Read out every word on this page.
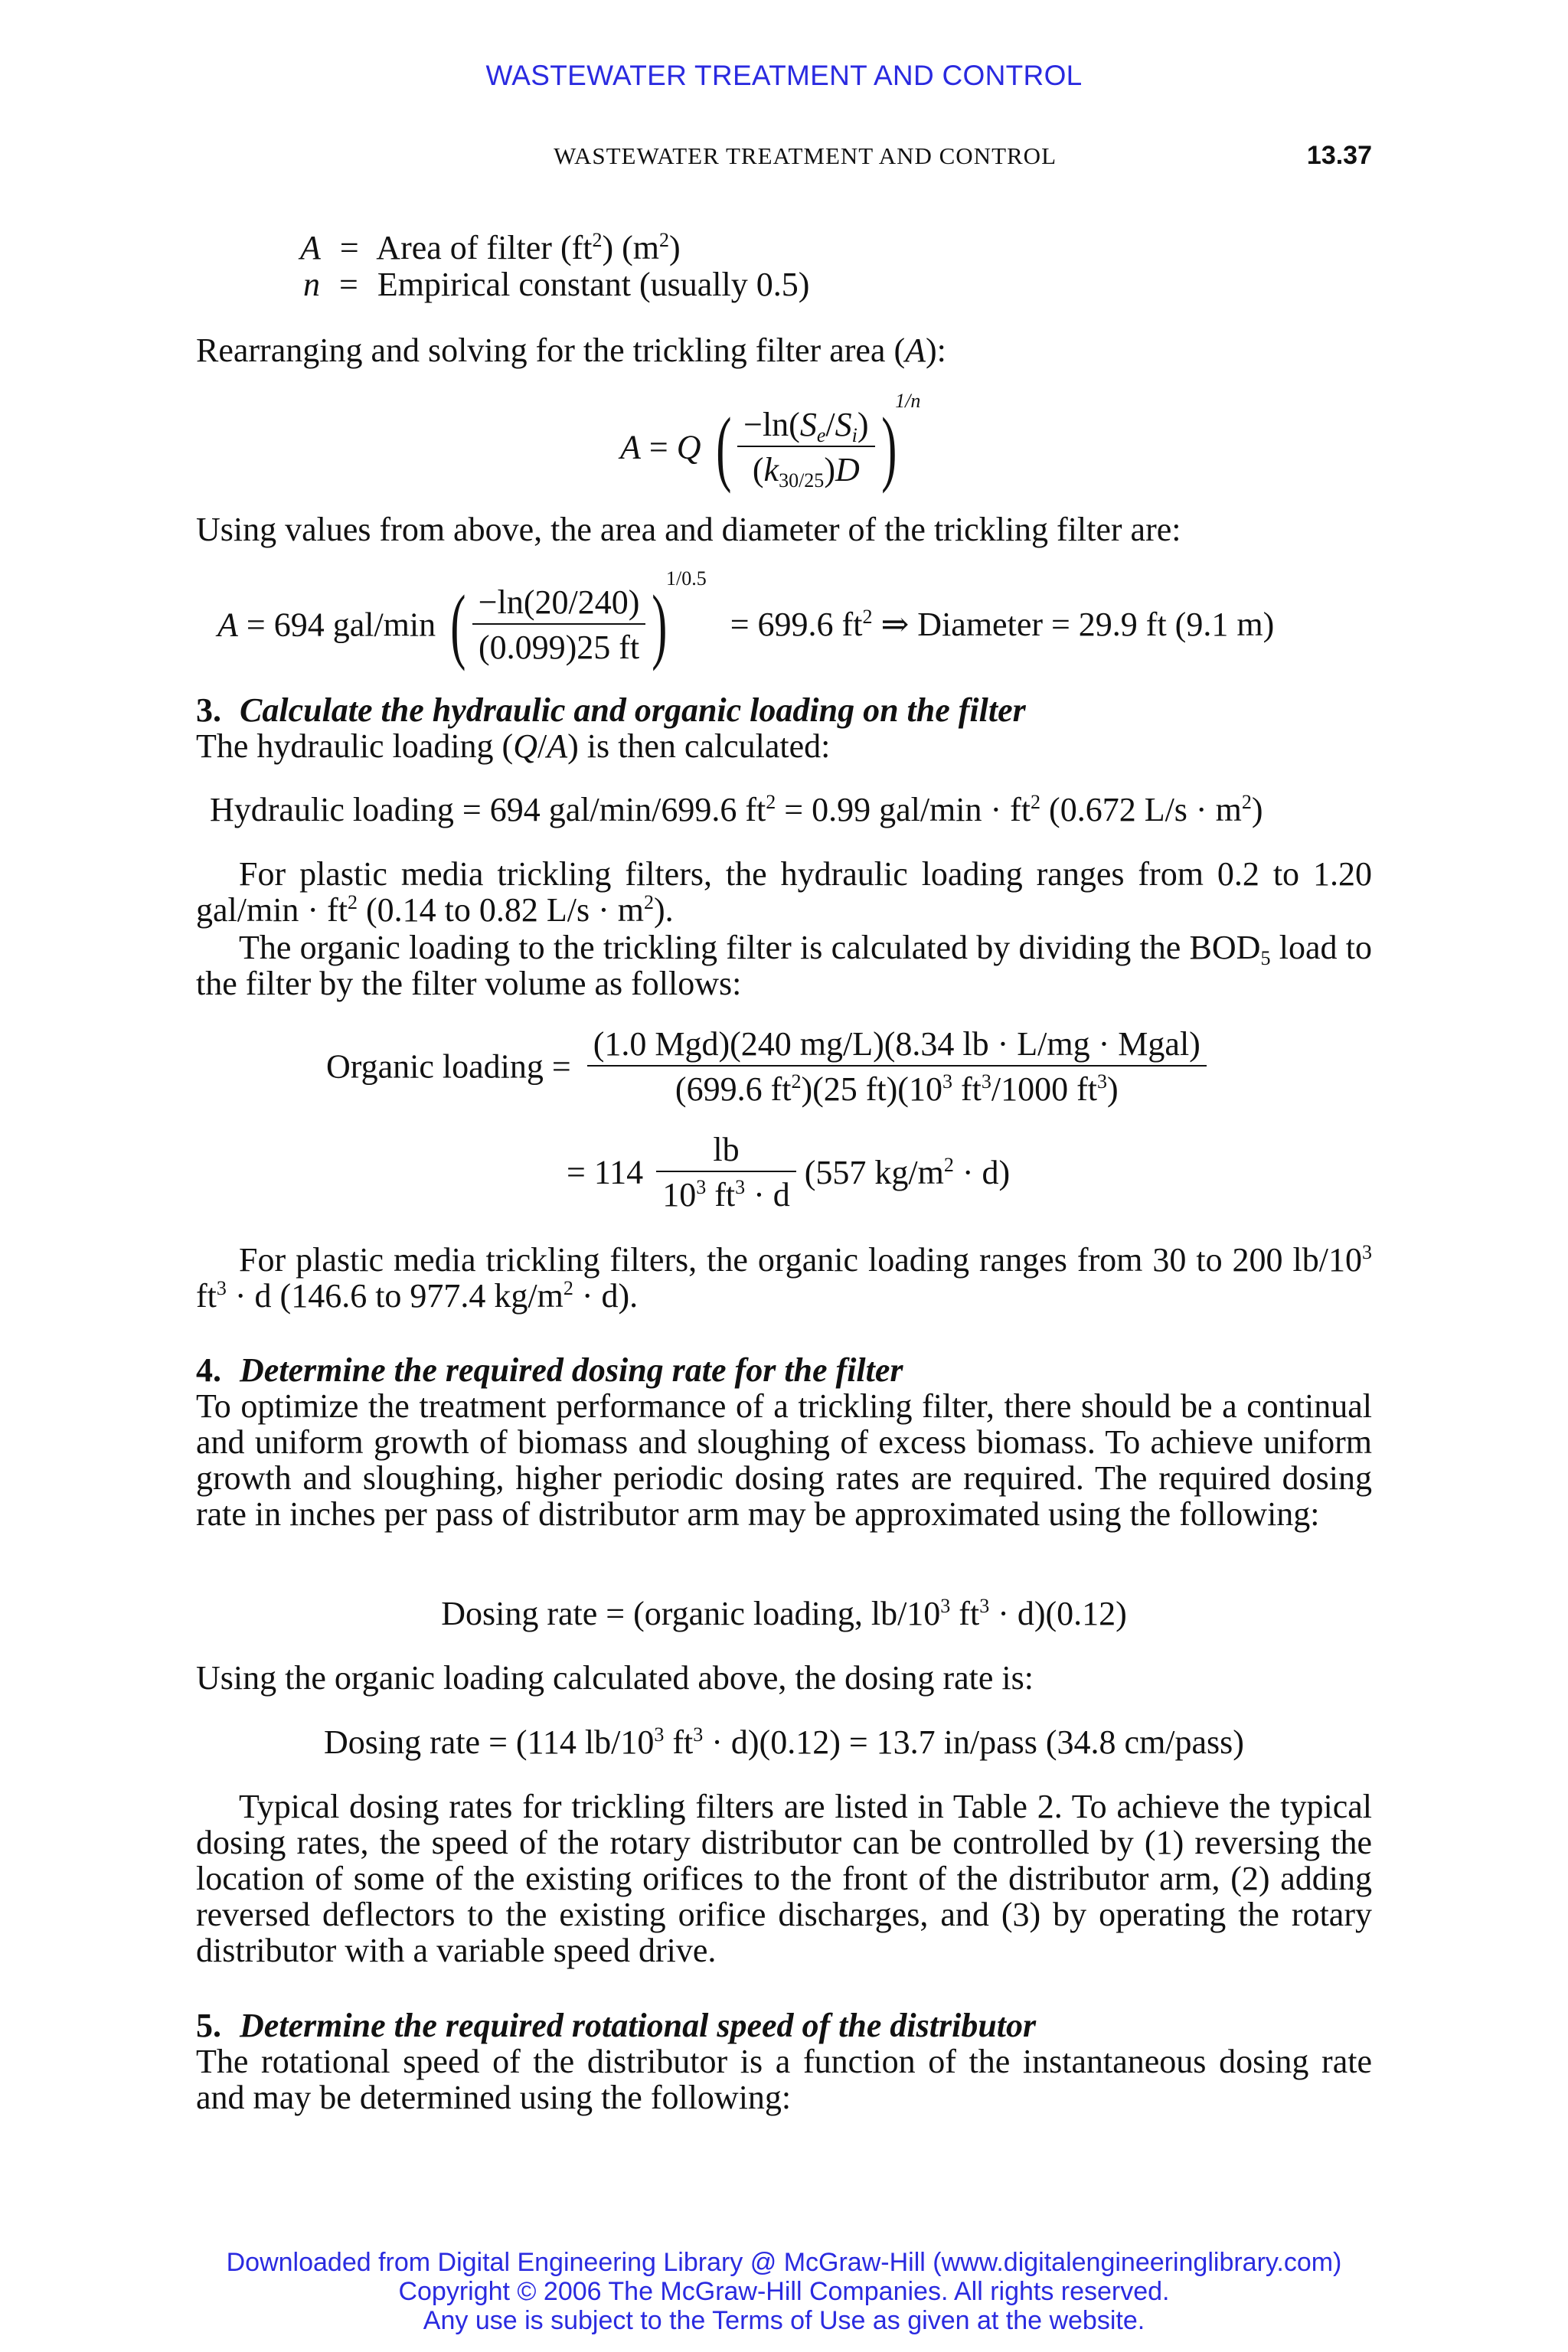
WASTEWATER TREATMENT AND CONTROL
WASTEWATER TREATMENT AND CONTROL	13.37
A = Area of filter $(ft^2)$ $(m^2)$
n = Empirical constant (usually 0.5)
Rearranging and solving for the trickling filter area (A):
A = Q ( $\frac{-\ln(S_e/S_i)}{(k_{30/25})D} )^{1/n}$
Using values from above, the area and diameter of the trickling filter are:
A = 694 gal/min ( $\frac{-\ln(20/240)}{(0.099)25 ft} )^{1/0.5} = 699.6$ $ft^2$ ⇒ Diameter = 29.9 ft (9.1 m)
3. Calculate the hydraulic and organic loading on the filter
The hydraulic loading (Q/A) is then calculated:
Hydraulic loading = 694 gal/min/699.6 $ft^2 = 0.99$ $gal/\min \cdot ft^2$ (0.672 $L/s \cdot m^2$)
For plastic media trickling filters, the hydraulic loading ranges from 0.2 to 1.20 $gal/\min \cdot ft^2$ (0.14 to 0.82 $L/s \cdot m^2$).
The organic loading to the trickling filter is calculated by dividing the $BOD_5$ load to the filter by the filter volume as follows:
Organic loading = $\frac{\text{(1.0 Mgd)(240 mg/L)(8.34 lb · L/mg · Mgal)}}{(699.6 ft^2)(25 ft)(10^3 ft^3/1000 ft^3)}$
= $114 \frac{lb}{10^3 ft^3 \cdot d} (557$ $kg/m^2 \cdot d$)
For plastic media trickling filters, the organic loading ranges from 30 to 200 $lb/10^3$ $ft^3 \cdot d$ (146.6 to 977.4 $kg/m^2 \cdot d$).
4. Determine the required dosing rate for the filter
To optimize the treatment performance of a trickling filter, there should be a continual and uniform growth of biomass and sloughing of excess biomass. To achieve uniform growth and sloughing, higher periodic dosing rates are required. The required dosing rate in inches per pass of distributor arm may be approximated using the following:
Dosing rate = (organic loading, $lb/10^3$ $ft^3 \cdot d)(0.12)$
Using the organic loading calculated above, the dosing rate is:
Dosing rate = (114 $lb/10^3$ $ft^3 \cdot d)(0.12) = 13.7$ in/pass (34.8 cm/pass)
Typical dosing rates for trickling filters are listed in Table 2. To achieve the typical dosing rates, the speed of the rotary distributor can be controlled by (1) reversing the location of some of the existing orifices to the front of the distributor arm, (2) adding reversed deflectors to the existing orifice discharges, and (3) by operating the rotary distributor with a variable speed drive.
5. Determine the required rotational speed of the distributor
The rotational speed of the distributor is a function of the instantaneous dosing rate and may be determined using the following:
Downloaded from Digital Engineering Library @ McGraw-Hill (www.digitalengineeringlibrary.com)
Copyright © 2006 The McGraw-Hill Companies. All rights reserved.
Any use is subject to the Terms of Use as given at the website.
